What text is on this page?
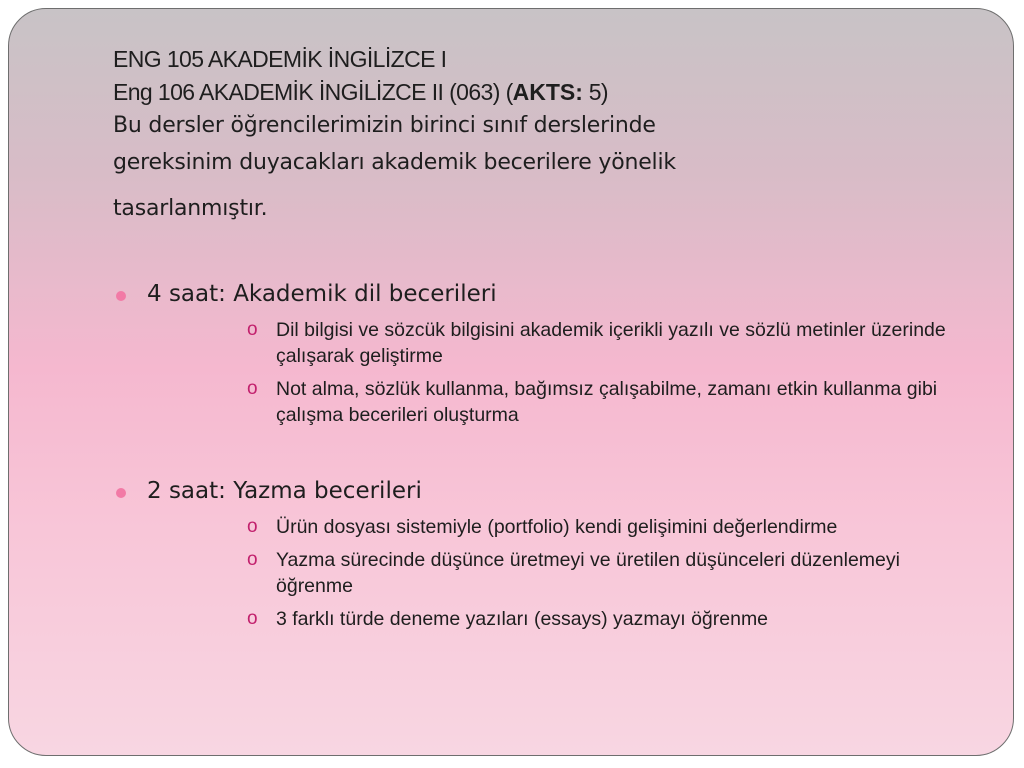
ENG 105 AKADEMİK İNGİLİZCE I
Eng 106 AKADEMİK İNGİLİZCE II (063) (AKTS: 5)
Bu dersler öğrencilerimizin birinci sınıf derslerinde
gereksinim duyacakları akademik becerilere yönelik
tasarlanmıştır.
4 saat: Akademik dil becerileri
o Dil bilgisi ve sözcük bilgisini akademik içerikli yazılı ve sözlü metinler üzerinde çalışarak geliştirme
o Not alma, sözlük kullanma, bağımsız çalışabilme, zamanı etkin kullanma gibi çalışma becerileri oluşturma
2 saat: Yazma becerileri
o Ürün dosyası sistemiyle (portfolio) kendi gelişimini değerlendirme
o Yazma sürecinde düşünce üretmeyi ve üretilen düşünceleri düzenlemeyi öğrenme
o 3 farklı türde deneme yazıları (essays) yazmayı öğrenme
